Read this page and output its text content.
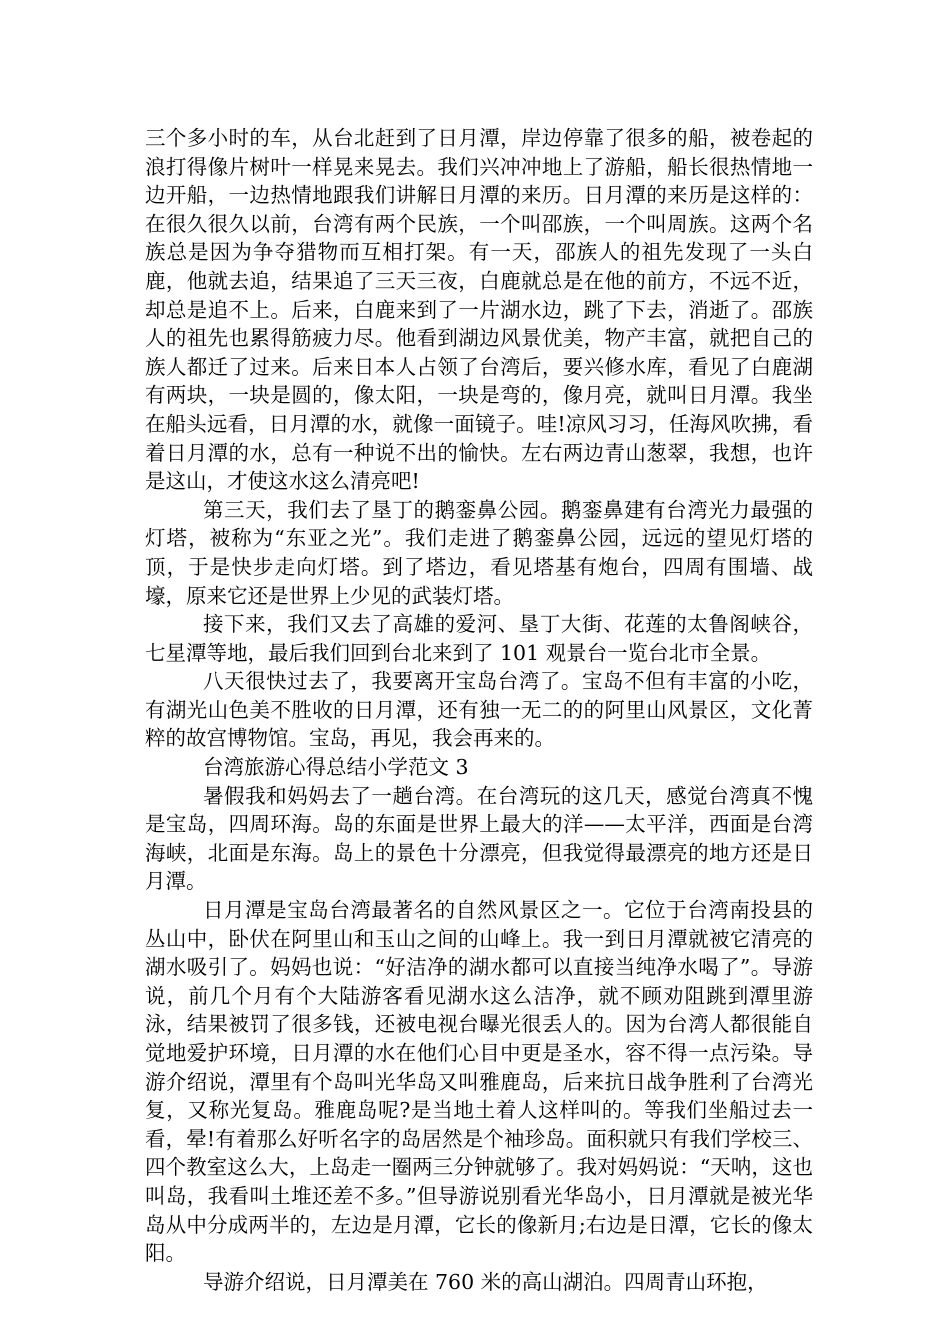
三个多小时的车，从台北赶到了日月潭，岸边停靠了很多的船，被卷起的浪打得像片树叶一样晃来晃去。我们兴冲冲地上了游船，船长很热情地一边开船，一边热情地跟我们讲解日月潭的来历。日月潭的来历是这样的：在很久很久以前，台湾有两个民族，一个叫邵族，一个叫周族。这两个名族总是因为争夺猎物而互相打架。有一天，邵族人的祖先发现了一头白鹿，他就去追，结果追了三天三夜，白鹿就总是在他的前方，不远不近，却总是追不上。后来，白鹿来到了一片湖水边，跳了下去，消逝了。邵族人的祖先也累得筋疲力尽。他看到湖边风景优美，物产丰富，就把自己的族人都迁了过来。后来日本人占领了台湾后，要兴修水库，看见了白鹿湖有两块，一块是圆的，像太阳，一块是弯的，像月亮，就叫日月潭。我坐在船头远看，日月潭的水，就像一面镜子。哇!凉风习习，任海风吹拂，看着日月潭的水，总有一种说不出的愉快。左右两边青山葱翠，我想，也许是这山，才使这水这么清亮吧!

第三天，我们去了垦丁的鹅銮鼻公园。鹅銮鼻建有台湾光力最强的灯塔，被称为“东亚之光”。我们走进了鹅銮鼻公园，远远的望见灯塔的顶，于是快步走向灯塔。到了塔边，看见塔基有炮台，四周有围墙、战壕，原来它还是世界上少见的武装灯塔。

接下来，我们又去了高雄的爱河、垦丁大街、花莲的太鲁阁峡谷，七星潭等地，最后我们回到台北来到了 101 观景台一览台北市全景。

八天很快过去了，我要离开宝岛台湾了。宝岛不但有丰富的小吃，有湖光山色美不胜收的日月潭，还有独一无二的的阿里山风景区，文化菁粹的故宫博物馆。宝岛，再见，我会再来的。

台湾旅游心得总结小学范文 3

暑假我和妈妈去了一趟台湾。在台湾玩的这几天，感觉台湾真不愧是宝岛，四周环海。岛的东面是世界上最大的洋——太平洋，西面是台湾海峡，北面是东海。岛上的景色十分漂亮，但我觉得最漂亮的地方还是日月潭。

日月潭是宝岛台湾最著名的自然风景区之一。它位于台湾南投县的丛山中，卧伏在阿里山和玉山之间的山峰上。我一到日月潭就被它清亮的湖水吸引了。妈妈也说：“好洁净的湖水都可以直接当纯净水喝了”。导游说，前几个月有个大陆游客看见湖水这么洁净，就不顾劝阻跳到潭里游泳，结果被罚了很多钱，还被电视台曝光很丢人的。因为台湾人都很能自觉地爱护环境，日月潭的水在他们心目中更是圣水，容不得一点污染。导游介绍说，潭里有个岛叫光华岛又叫雅鹿岛，后来抗日战争胜利了台湾光复，又称光复岛。雅鹿岛呢?是当地土着人这样叫的。等我们坐船过去一看，晕!有着那么好听名字的岛居然是个袖珍岛。面积就只有我们学校三、四个教室这么大，上岛走一圈两三分钟就够了。我对妈妈说：“天呐，这也叫岛，我看叫土堆还差不多。”但导游说别看光华岛小，日月潭就是被光华岛从中分成两半的，左边是月潭，它长的像新月;右边是日潭，它长的像太阳。

导游介绍说，日月潭美在 760 米的高山湖泊。四周青山环抱，
